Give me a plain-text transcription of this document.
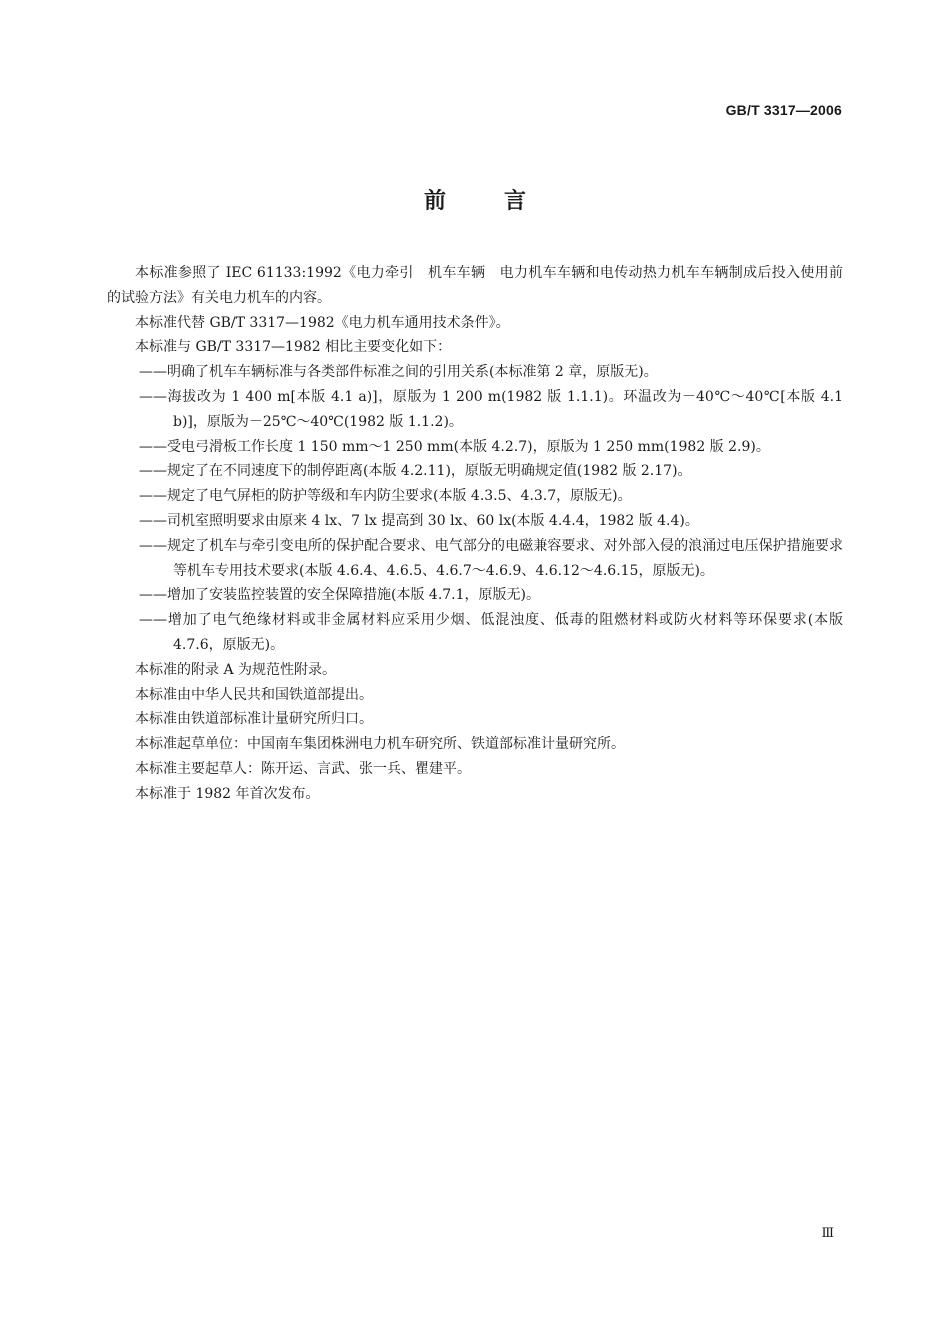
GB/T 3317—2006
前言

本标准参照了 IEC 61133:1992《电力牵引　机车车辆　电力机车车辆和电传动热力机车车辆制成后投入使用前的试验方法》有关电力机车的内容。

本标准代替 GB/T 3317—1982《电力机车通用技术条件》。

本标准与 GB/T 3317—1982 相比主要变化如下：

——明确了机车车辆标准与各类部件标准之间的引用关系(本标准第 2 章，原版无)。

——海拔改为 1 400 m[本版 4.1 a)]，原版为 1 200 m(1982 版 1.1.1)。环温改为－40℃～40℃[本版 4.1 b)]，原版为－25℃～40℃(1982 版 1.1.2)。

——受电弓滑板工作长度 1 150 mm～1 250 mm(本版 4.2.7)，原版为 1 250 mm(1982 版 2.9)。

——规定了在不同速度下的制停距离(本版 4.2.11)，原版无明确规定值(1982 版 2.17)。

——规定了电气屏柜的防护等级和车内防尘要求(本版 4.3.5、4.3.7，原版无)。

——司机室照明要求由原来 4 lx、7 lx 提高到 30 lx、60 lx(本版 4.4.4，1982 版 4.4)。

——规定了机车与牵引变电所的保护配合要求、电气部分的电磁兼容要求、对外部入侵的浪涌过电压保护措施要求等机车专用技术要求(本版 4.6.4、4.6.5、4.6.7～4.6.9、4.6.12～4.6.15，原版无)。

——增加了安装监控装置的安全保障措施(本版 4.7.1，原版无)。

——增加了电气绝缘材料或非金属材料应采用少烟、低混浊度、低毒的阻燃材料或防火材料等环保要求(本版 4.7.6，原版无)。

本标准的附录 A 为规范性附录。

本标准由中华人民共和国铁道部提出。

本标准由铁道部标准计量研究所归口。

本标准起草单位：中国南车集团株洲电力机车研究所、铁道部标准计量研究所。

本标准主要起草人：陈开运、言武、张一兵、瞿建平。

本标准于 1982 年首次发布。

Ⅲ
